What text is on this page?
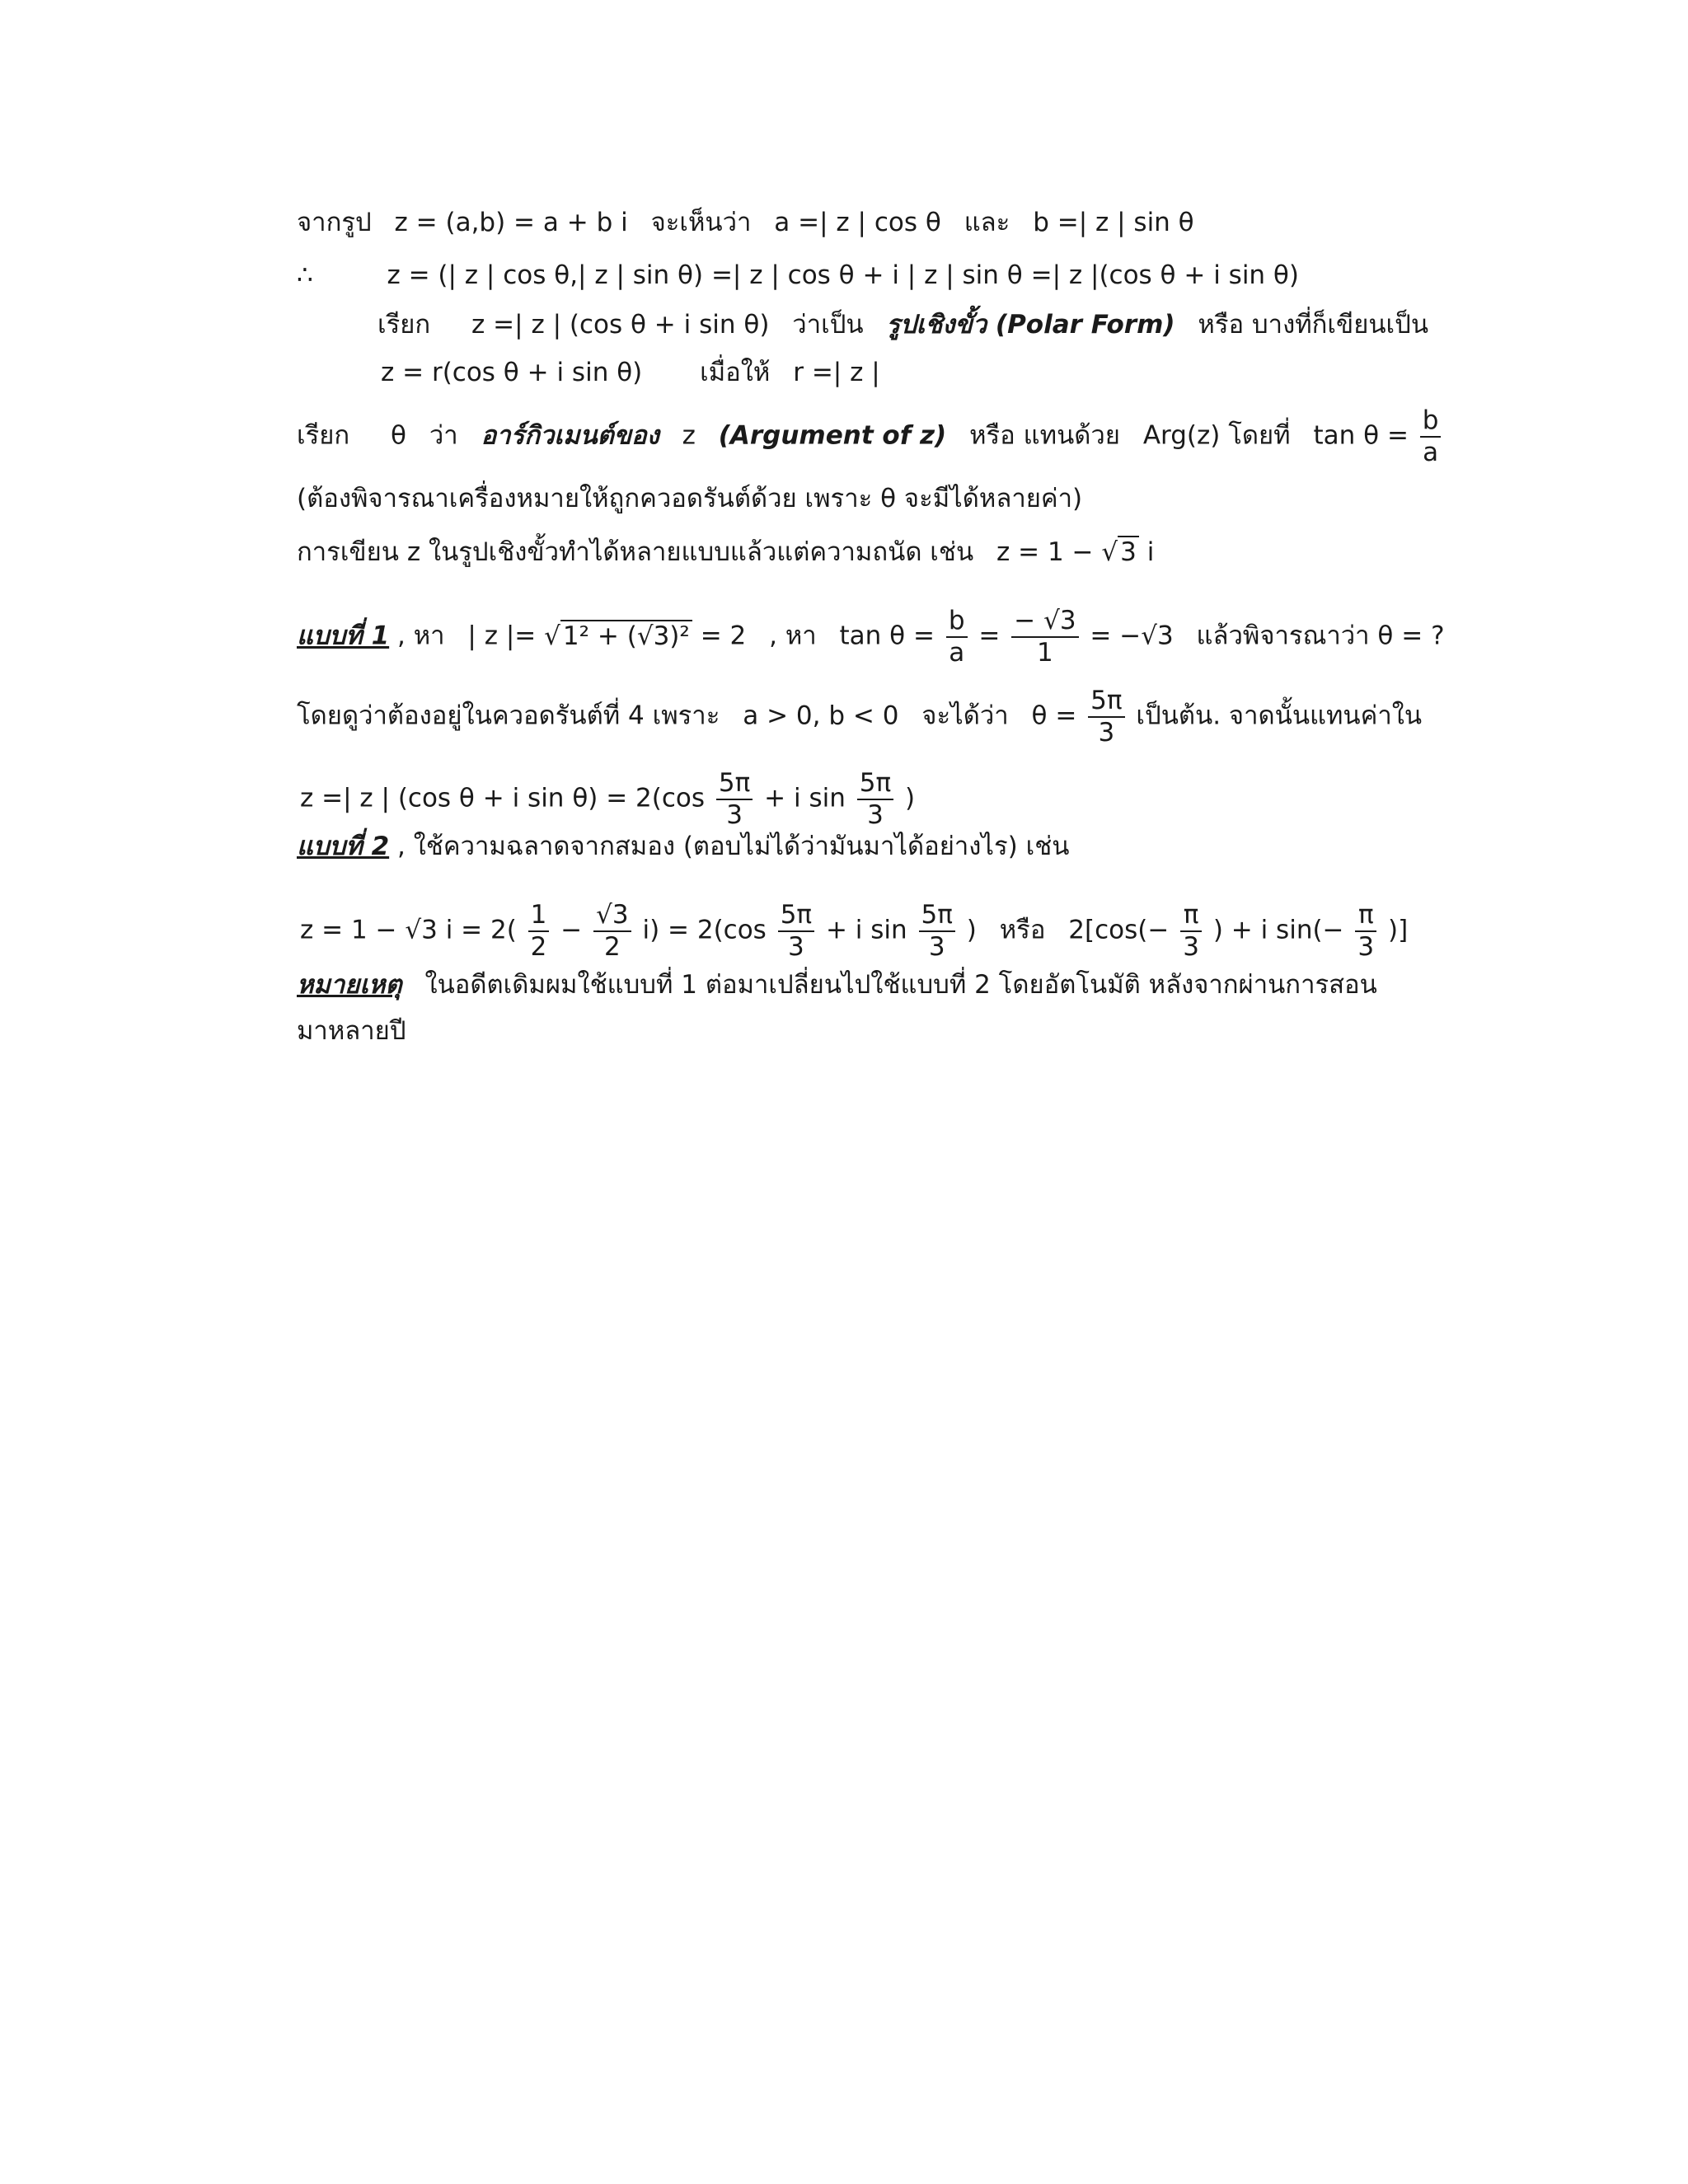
จากรูป z = (a,b) = a + b i จะเห็นว่า a =| z | cos θ และ b =| z | sin θ
∴	z = (| z | cos θ,| z | sin θ) =| z | cos θ + i | z | sin θ =| z |(cos θ + i sin θ)
เรียก z =| z | (cos θ + i sin θ) ว่าเป็น รูปเชิงขั้ว (Polar Form) หรือ บางที่ก็เขียนเป็น
z = r(cos θ + i sin θ) เมื่อให้ r =| z |
เรียก θ ว่า อาร์กิวเมนต์ของ z (Argument of z) หรือ แทนด้วย Arg(z) โดยที่ $\tan \theta = \frac{b}{a}$
(ต้องพิจารณาเครื่องหมายให้ถูกควอดรันต์ด้วย เพราะ θ จะมีได้หลายค่า)
การเขียน z ในรูปเชิงขั้วทำได้หลายแบบแล้วแต่ความถนัด เช่น z = 1 − √3 i
แบบที่ 1 , หา | z |= √1² + (√3)² = 2 , หา $\tan \theta = \frac{b}{a} = \frac{- √3}{1} = -√3$ แล้วพิจารณาว่า θ = ?
โดยดูว่าต้องอยู่ในควอดรันต์ที่ 4 เพราะ a > 0, b < 0 จะได้ว่า $\theta = \frac{5\pi}{3}$ เป็นต้น. จาดนั้นแทนค่าใน
z =| z | (cos θ + i $\sin \theta) = 2(\cos \frac{5\pi}{3} + i$ $\sin \frac{5\pi}{3}$ )
แบบที่ 2 , ใช้ความฉลาดจากสมอง (ตอบไม่ได้ว่ามันมาได้อย่างไร) เช่น
z = 1 − √3 $i = 2( \frac{1}{2} - \frac{√3}{2} i) = 2(\cos \frac{5\pi}{3} + i$ $\sin \frac{5\pi}{3}$ ) หรือ $2[\cos(- \frac{\pi}{3}$ ) + i $\sin(- \frac{\pi}{3}$ )]
หมายเหตุ ในอดีตเดิมผมใช้แบบที่ 1 ต่อมาเปลี่ยนไปใช้แบบที่ 2 โดยอัตโนมัติ หลังจากผ่านการสอน
มาหลายปี
